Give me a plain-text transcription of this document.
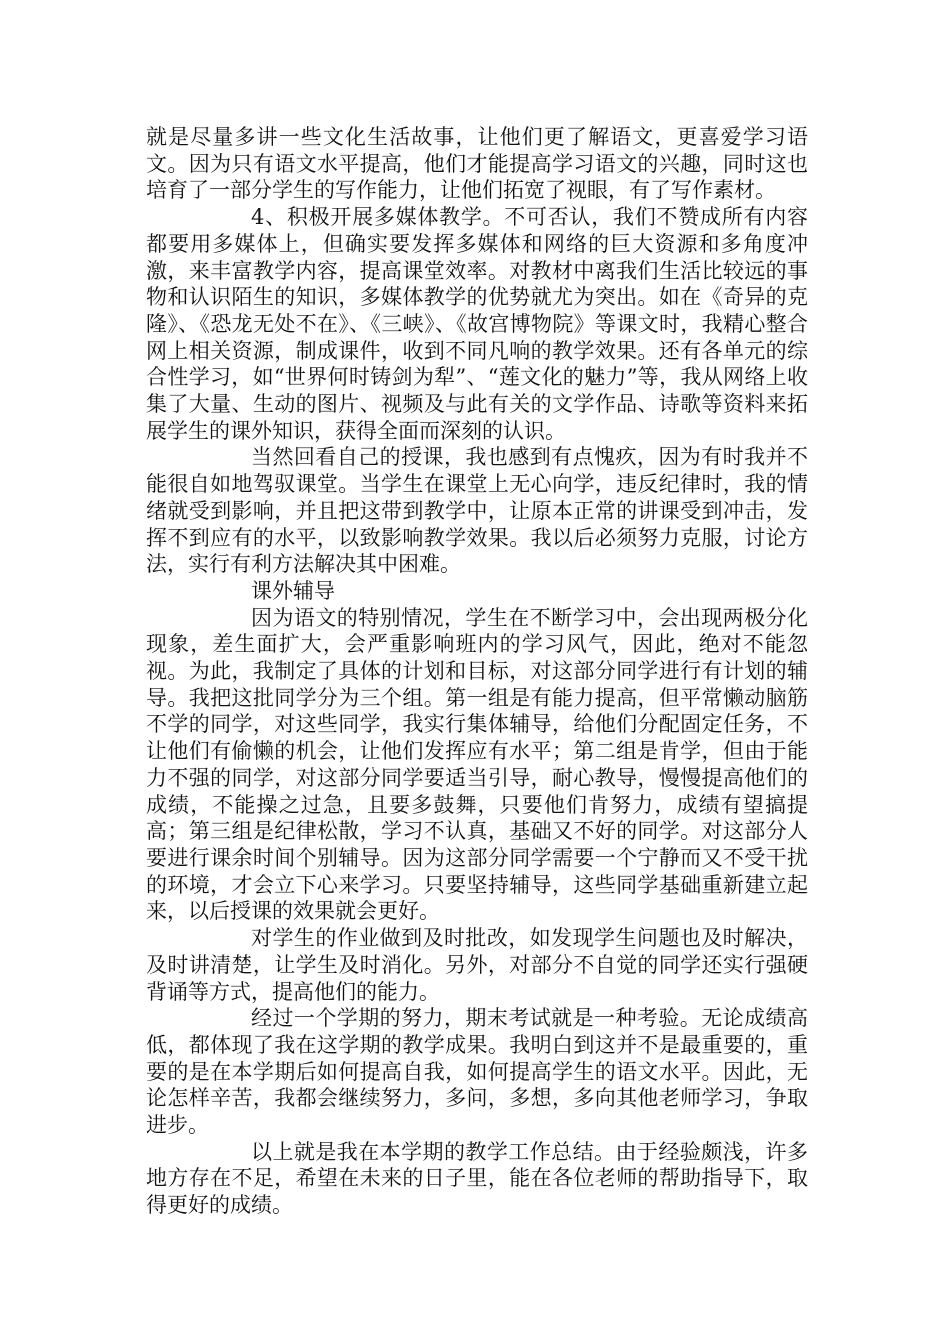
就是尽量多讲一些文化生活故事，让他们更了解语文，更喜爱学习语文。因为只有语文水平提高，他们才能提高学习语文的兴趣，同时这也培育了一部分学生的写作能力，让他们拓宽了视眼，有了写作素材。

4、积极开展多媒体教学。不可否认，我们不赞成所有内容都要用多媒体上，但确实要发挥多媒体和网络的巨大资源和多角度冲激，来丰富教学内容，提高课堂效率。对教材中离我们生活比较远的事物和认识陌生的知识，多媒体教学的优势就尤为突出。如在《奇异的克隆》、《恐龙无处不在》、《三峡》、《故宫博物院》等课文时，我精心整合网上相关资源，制成课件，收到不同凡响的教学效果。还有各单元的综合性学习，如“世界何时铸剑为犁”、“莲文化的魅力”等，我从网络上收集了大量、生动的图片、视频及与此有关的文学作品、诗歌等资料来拓展学生的课外知识，获得全面而深刻的认识。

当然回看自己的授课，我也感到有点愧疚，因为有时我并不能很自如地驾驭课堂。当学生在课堂上无心向学，违反纪律时，我的情绪就受到影响，并且把这带到教学中，让原本正常的讲课受到冲击，发挥不到应有的水平，以致影响教学效果。我以后必须努力克服，讨论方法，实行有利方法解决其中困难。

课外辅导

因为语文的特别情况，学生在不断学习中，会出现两极分化现象，差生面扩大，会严重影响班内的学习风气，因此，绝对不能忽视。为此，我制定了具体的计划和目标，对这部分同学进行有计划的辅导。我把这批同学分为三个组。第一组是有能力提高，但平常懒动脑筋不学的同学，对这些同学，我实行集体辅导，给他们分配固定任务，不让他们有偷懒的机会，让他们发挥应有水平；第二组是肯学，但由于能力不强的同学，对这部分同学要适当引导，耐心教导，慢慢提高他们的成绩，不能操之过急，且要多鼓舞，只要他们肯努力，成绩有望搞提高；第三组是纪律松散，学习不认真，基础又不好的同学。对这部分人要进行课余时间个别辅导。因为这部分同学需要一个宁静而又不受干扰的环境，才会立下心来学习。只要坚持辅导，这些同学基础重新建立起来，以后授课的效果就会更好。

对学生的作业做到及时批改，如发现学生问题也及时解决，及时讲清楚，让学生及时消化。另外，对部分不自觉的同学还实行强硬背诵等方式，提高他们的能力。

经过一个学期的努力，期末考试就是一种考验。无论成绩高低，都体现了我在这学期的教学成果。我明白到这并不是最重要的，重要的是在本学期后如何提高自我，如何提高学生的语文水平。因此，无论怎样辛苦，我都会继续努力，多问，多想，多向其他老师学习，争取进步。

以上就是我在本学期的教学工作总结。由于经验颇浅，许多地方存在不足，希望在未来的日子里，能在各位老师的帮助指导下，取得更好的成绩。
